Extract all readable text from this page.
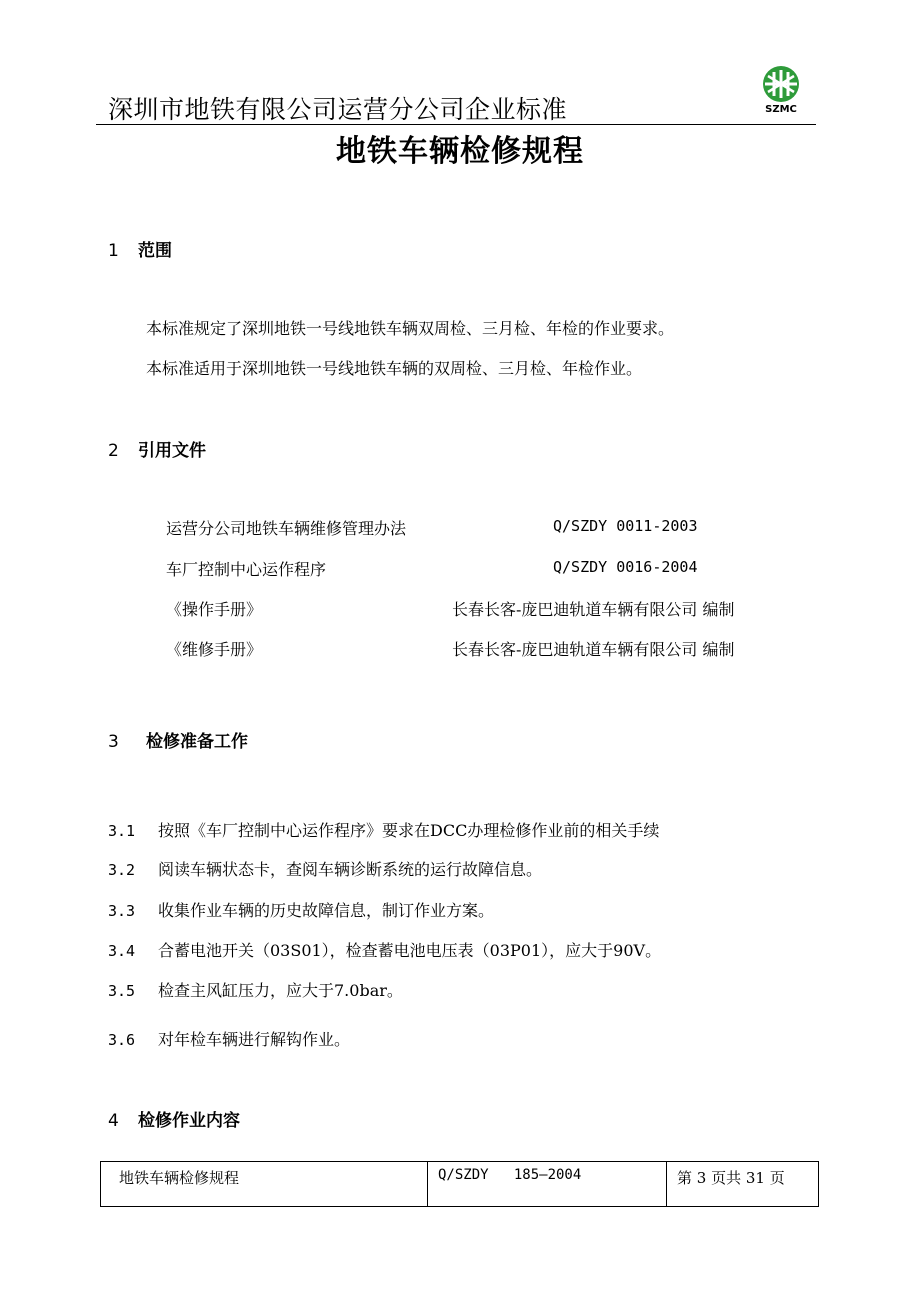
深圳市地铁有限公司运营分公司企业标准	SZMC
地铁车辆检修规程
1 范围
本标准规定了深圳地铁一号线地铁车辆双周检、三月检、年检的作业要求。
本标准适用于深圳地铁一号线地铁车辆的双周检、三月检、年检作业。
2 引用文件
运营分公司地铁车辆维修管理办法	Q/SZDY 0011-2003
车厂控制中心运作程序	Q/SZDY 0016-2004
《操作手册》	长春长客-庞巴迪轨道车辆有限公司 编制
《维修手册》	长春长客-庞巴迪轨道车辆有限公司 编制
3 检修准备工作
3.1 按照《车厂控制中心运作程序》要求在DCC办理检修作业前的相关手续
3.2 阅读车辆状态卡，查阅车辆诊断系统的运行故障信息。
3.3 收集作业车辆的历史故障信息，制订作业方案。
3.4 合蓄电池开关（03S01），检查蓄电池电压表（03P01），应大于90V。
3.5 检查主风缸压力，应大于7.0bar。
3.6 对年检车辆进行解钩作业。
4 检修作业内容
地铁车辆检修规程	Q/SZDY   185—2004	第 3 页共 31 页
